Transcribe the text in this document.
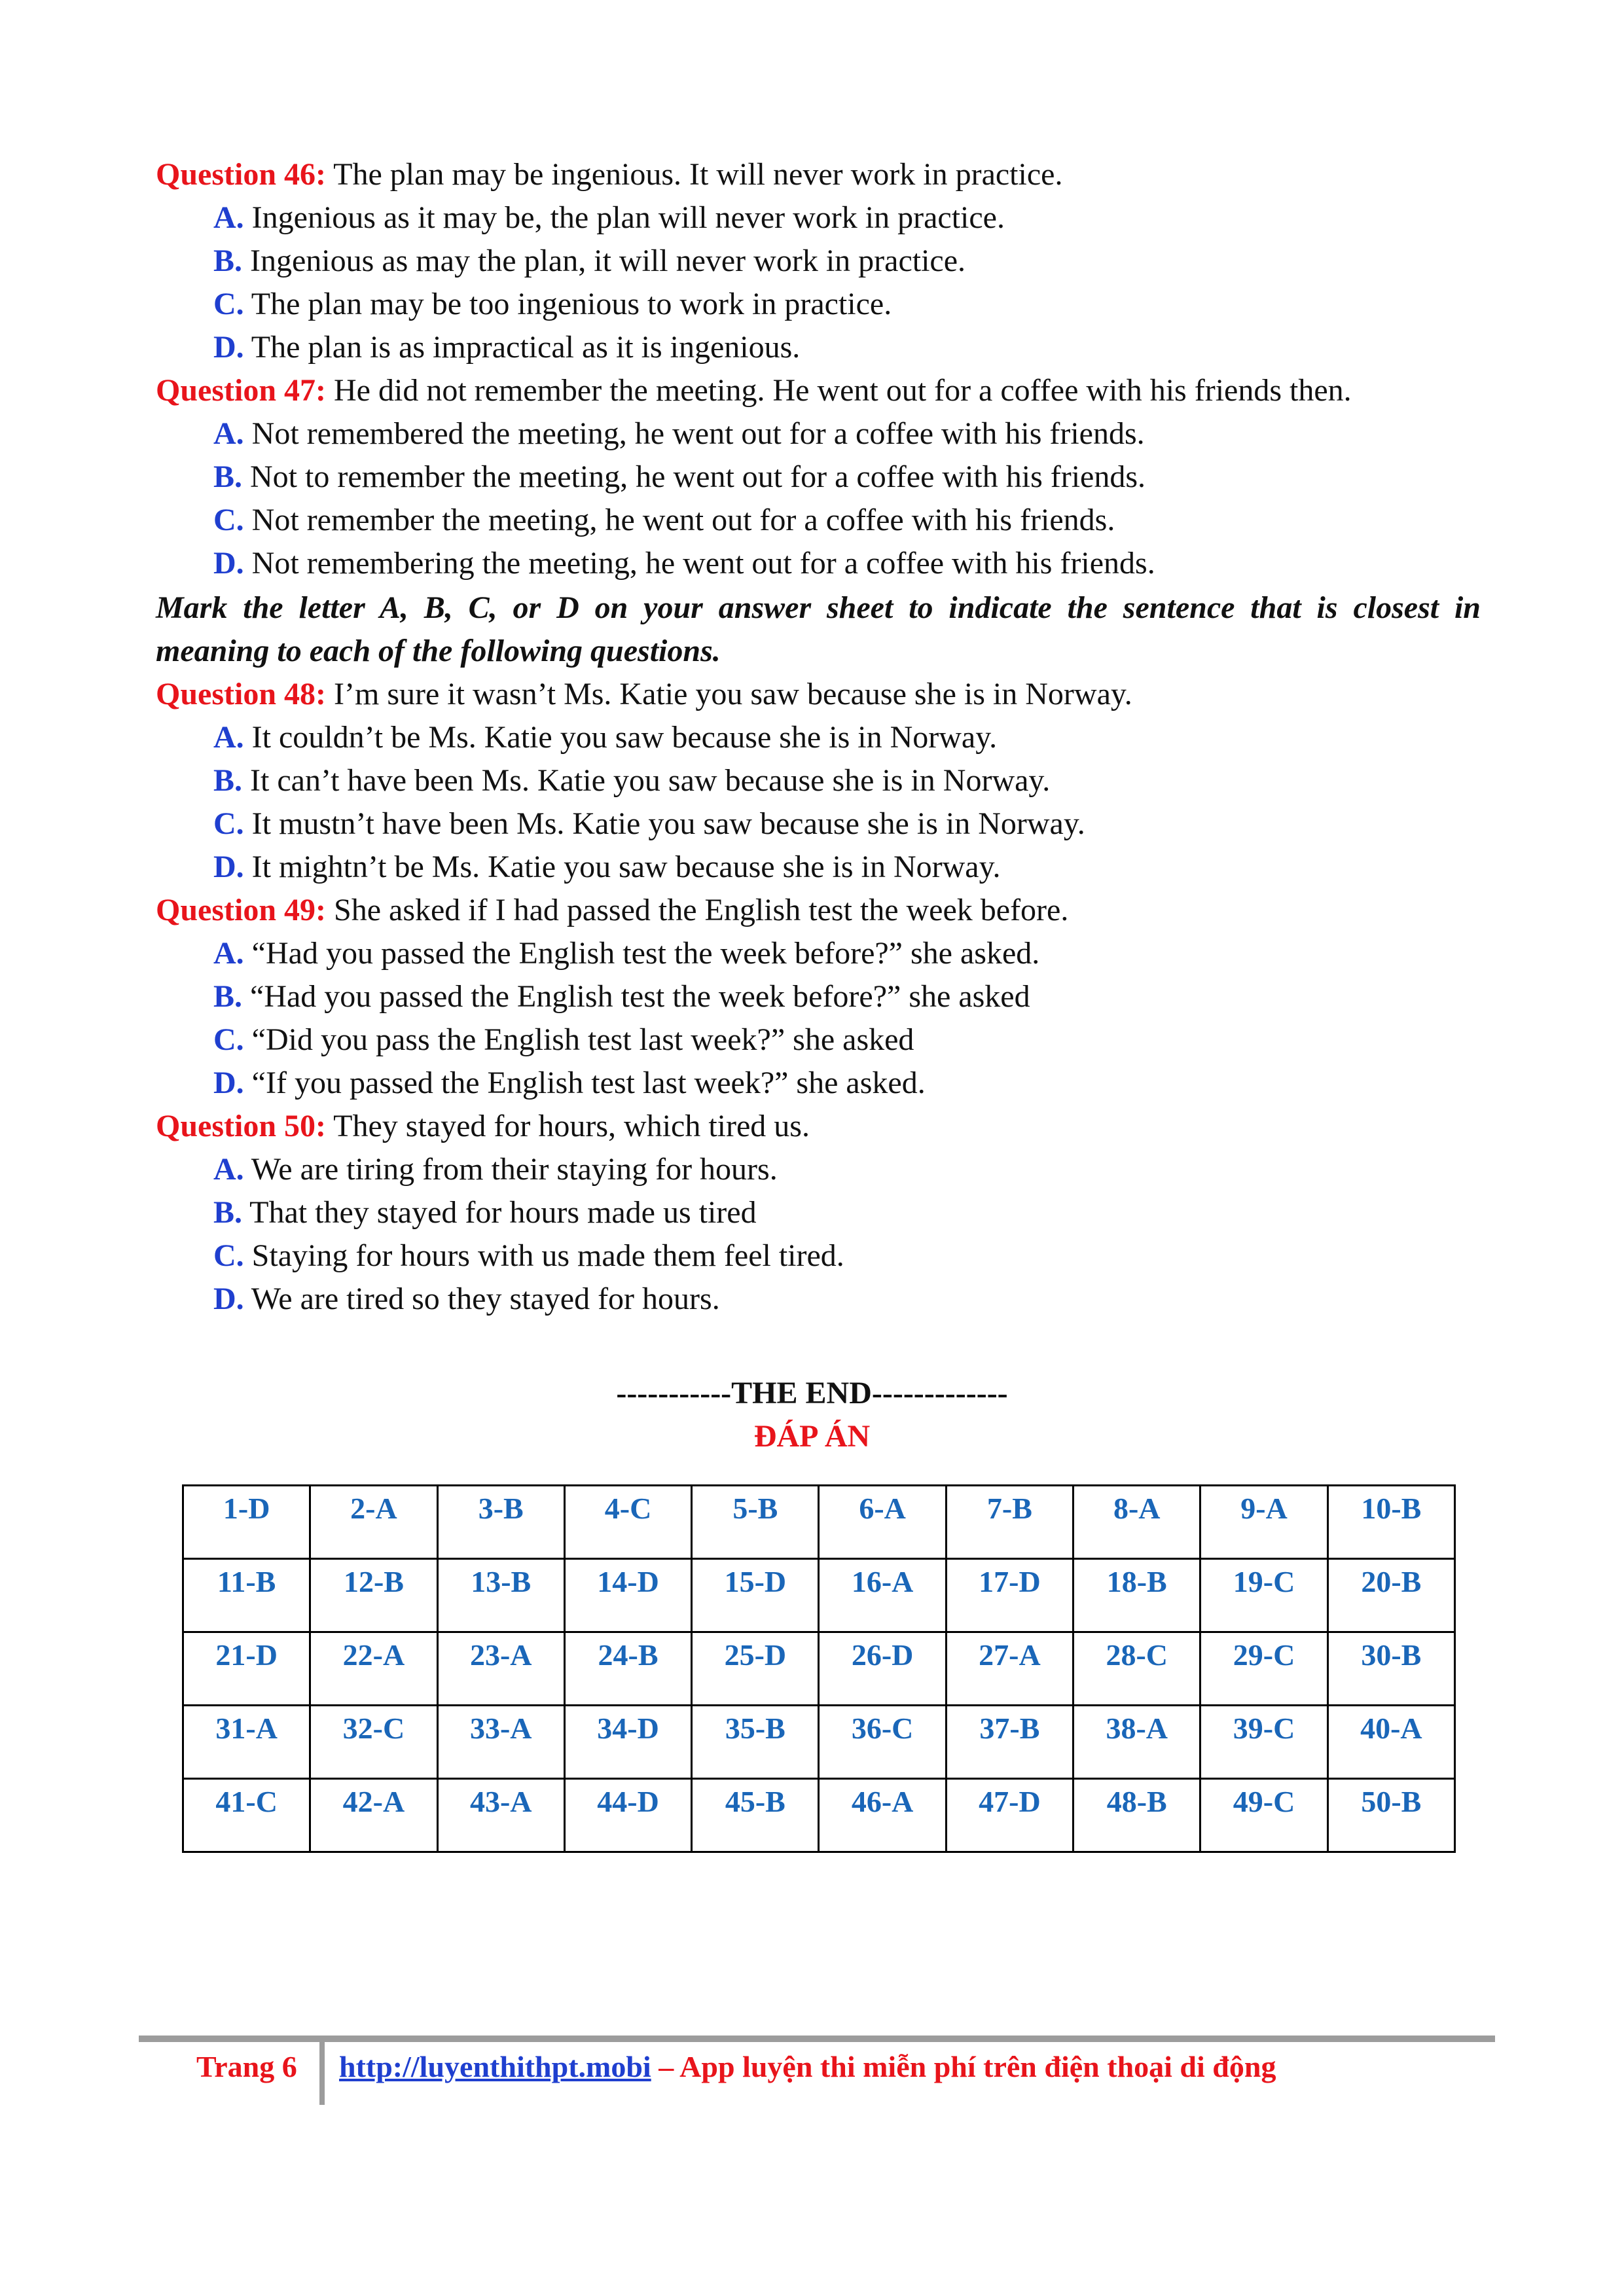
Question 46: The plan may be ingenious. It will never work in practice.
A. Ingenious as it may be, the plan will never work in practice.
B. Ingenious as may the plan, it will never work in practice.
C. The plan may be too ingenious to work in practice.
D. The plan is as impractical as it is ingenious.
Question 47: He did not remember the meeting. He went out for a coffee with his friends then.
A. Not remembered the meeting, he went out for a coffee with his friends.
B. Not to remember the meeting, he went out for a coffee with his friends.
C. Not remember the meeting, he went out for a coffee with his friends.
D. Not remembering the meeting, he went out for a coffee with his friends.
Mark the letter A, B, C, or D on your answer sheet to indicate the sentence that is closest in
meaning to each of the following questions.
Question 48: I’m sure it wasn’t Ms. Katie you saw because she is in Norway.
A. It couldn’t be Ms. Katie you saw because she is in Norway.
B. It can’t have been Ms. Katie you saw because she is in Norway.
C. It mustn’t have been Ms. Katie you saw because she is in Norway.
D. It mightn’t be Ms. Katie you saw because she is in Norway.
Question 49: She asked if I had passed the English test the week before.
A. “Had you passed the English test the week before?” she asked.
B. “Had you passed the English test the week before?” she asked
C. “Did you pass the English test last week?” she asked
D. “If you passed the English test last week?” she asked.
Question 50: They stayed for hours, which tired us.
A. We are tiring from their staying for hours.
B. That they stayed for hours made us tired
C. Staying for hours with us made them feel tired.
D. We are tired so they stayed for hours.
-----------THE END-------------
ĐÁP ÁN
1-D	2-A	3-B	4-C	5-B	6-A	7-B	8-A	9-A	10-B
11-B	12-B	13-B	14-D	15-D	16-A	17-D	18-B	19-C	20-B
21-D	22-A	23-A	24-B	25-D	26-D	27-A	28-C	29-C	30-B
31-A	32-C	33-A	34-D	35-B	36-C	37-B	38-A	39-C	40-A
41-C	42-A	43-A	44-D	45-B	46-A	47-D	48-B	49-C	50-B
Trang 6 http://luyenthithpt.mobi – App luyện thi miễn phí trên điện thoại di động
